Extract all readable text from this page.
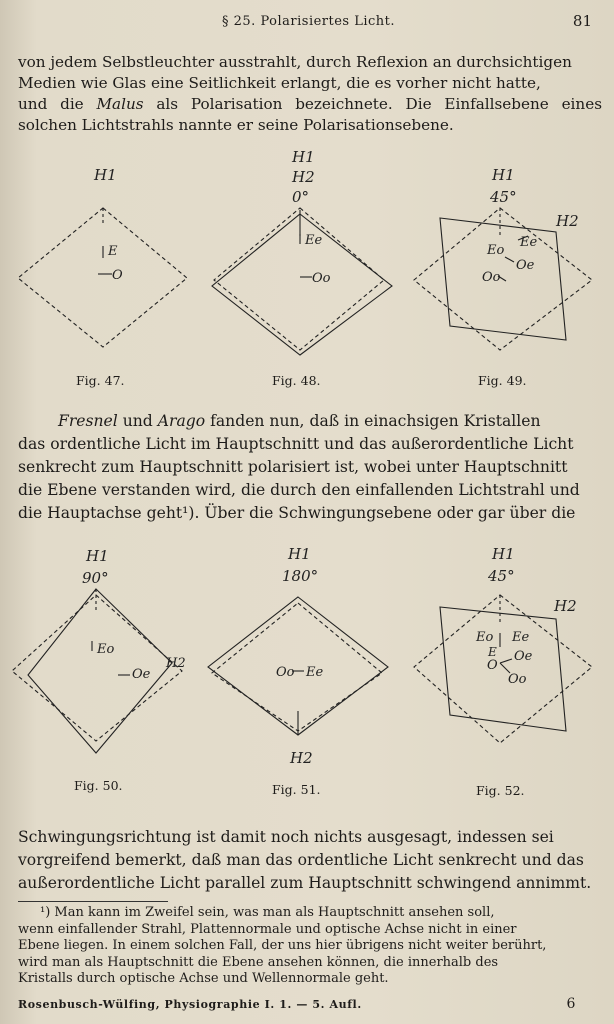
§ 25. Polarisiertes Licht.	81
von jedem Selbstleuchter ausstrahlt, durch Reflexion an durchsichtigen
Medien wie Glas eine Seitlichkeit erlangt, die es vorher nicht hatte,
und die Malus als Polarisation bezeichnete. Die Einfallsebene eines
solchen Lichtstrahls nannte er seine Polarisationsebene.
H1
E
O
H1
H2
0°
Ee
Oo
H1
45°
H2
Eo
Ee
Oo
Oe
Fig. 47.	Fig. 48.	Fig. 49.
Fresnel und Arago fanden nun, daß in einachsigen Kristallen
das ordentliche Licht im Hauptschnitt und das außerordentliche Licht
senkrecht zum Hauptschnitt polarisiert ist, wobei unter Hauptschnitt
die Ebene verstanden wird, die durch den einfallenden Lichtstrahl und
die Hauptachse geht¹). Über die Schwingungsebene oder gar über die
H1
90°
Eo
Oe
H2
H1
180°
Oo Ee
H2
H1
45°
H2
Eo Ee
E
O
Oe
Oo
Fig. 50.	Fig. 51.	Fig. 52.
Schwingungsrichtung ist damit noch nichts ausgesagt, indessen sei
vorgreifend bemerkt, daß man das ordentliche Licht senkrecht und das
außerordentliche Licht parallel zum Hauptschnitt schwingend annimmt.
¹) Man kann im Zweifel sein, was man als Hauptschnitt ansehen soll,
wenn einfallender Strahl, Plattennormale und optische Achse nicht in einer
Ebene liegen. In einem solchen Fall, der uns hier übrigens nicht weiter berührt,
wird man als Hauptschnitt die Ebene ansehen können, die innerhalb des
Kristalls durch optische Achse und Wellennormale geht.
Rosenbusch-Wülfing, Physiographie I. 1. — 5. Aufl.	6
